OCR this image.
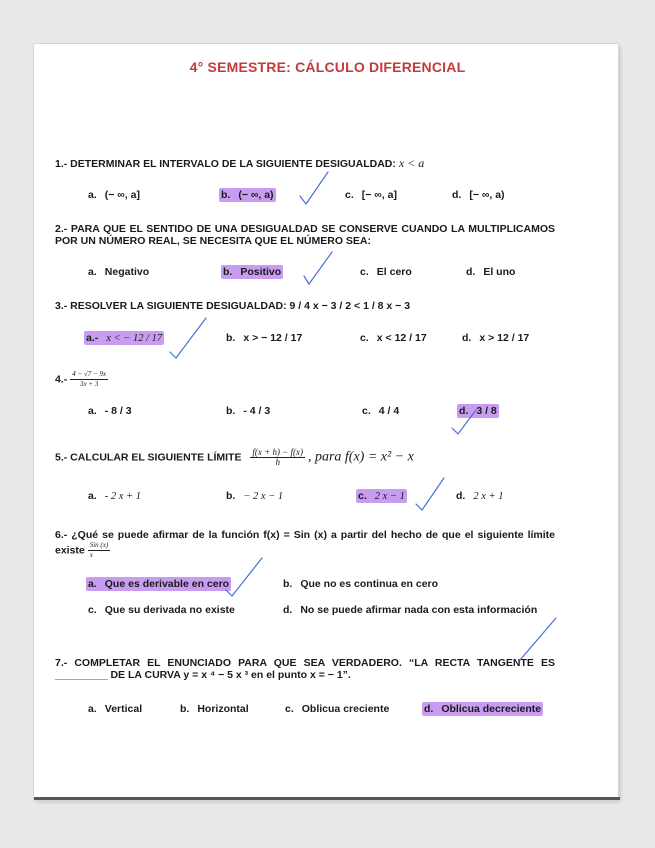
4° SEMESTRE: CÁLCULO DIFERENCIAL
1.- DETERMINAR EL INTERVALO DE LA SIGUIENTE DESIGUALDAD: x < a
a. (− ∞, a]	b. (− ∞, a)	c. [− ∞, a]	d. [− ∞, a)
2.- PARA QUE EL SENTIDO DE UNA DESIGUALDAD SE CONSERVE CUANDO LA MULTIPLICAMOS POR UN NÚMERO REAL, SE NECESITA QUE EL NÚMERO SEA:
a. Negativo	b. Positivo	c. El cero	d. El uno
3.- RESOLVER LA SIGUIENTE DESIGUALDAD: 9 / 4 x − 3 / 2 < 1 / 8 x − 3
a.- x < − 12 / 17	b. x > − 12 / 17	c. x < 12 / 17	d. x > 12 / 17
$4.- \frac{4 - √7 - 9x}{3x + 3}$
a. - 8 / 3	b. - 4 / 3	c. 4 / 4	d. 3 / 8
5.- CALCULAR EL SIGUIENTE LÍMITE $\frac{f(x + h) - f(x)}{h}$ , para f(x) = x² − x
a. - 2 x + 1	b. − 2 x − 1	c. 2 x − 1	d. 2 x + 1
6.- ¿Qué se puede afirmar de la función f(x) = Sin (x) a partir del hecho de que el siguiente límite existe $\frac{\text{Sin (x)}}{x}$
a. Que es derivable en cero	b. Que no es continua en cero
c. Que su derivada no existe	d. No se puede afirmar nada con esta información
7.- COMPLETAR EL ENUNCIADO PARA QUE SEA VERDADERO. “LA RECTA TANGENTE ES _________ DE LA CURVA y = x ⁴ − 5 x ³ en el punto x = − 1”.
a. Vertical	b. Horizontal	c. Oblicua creciente	d. Oblicua decreciente
